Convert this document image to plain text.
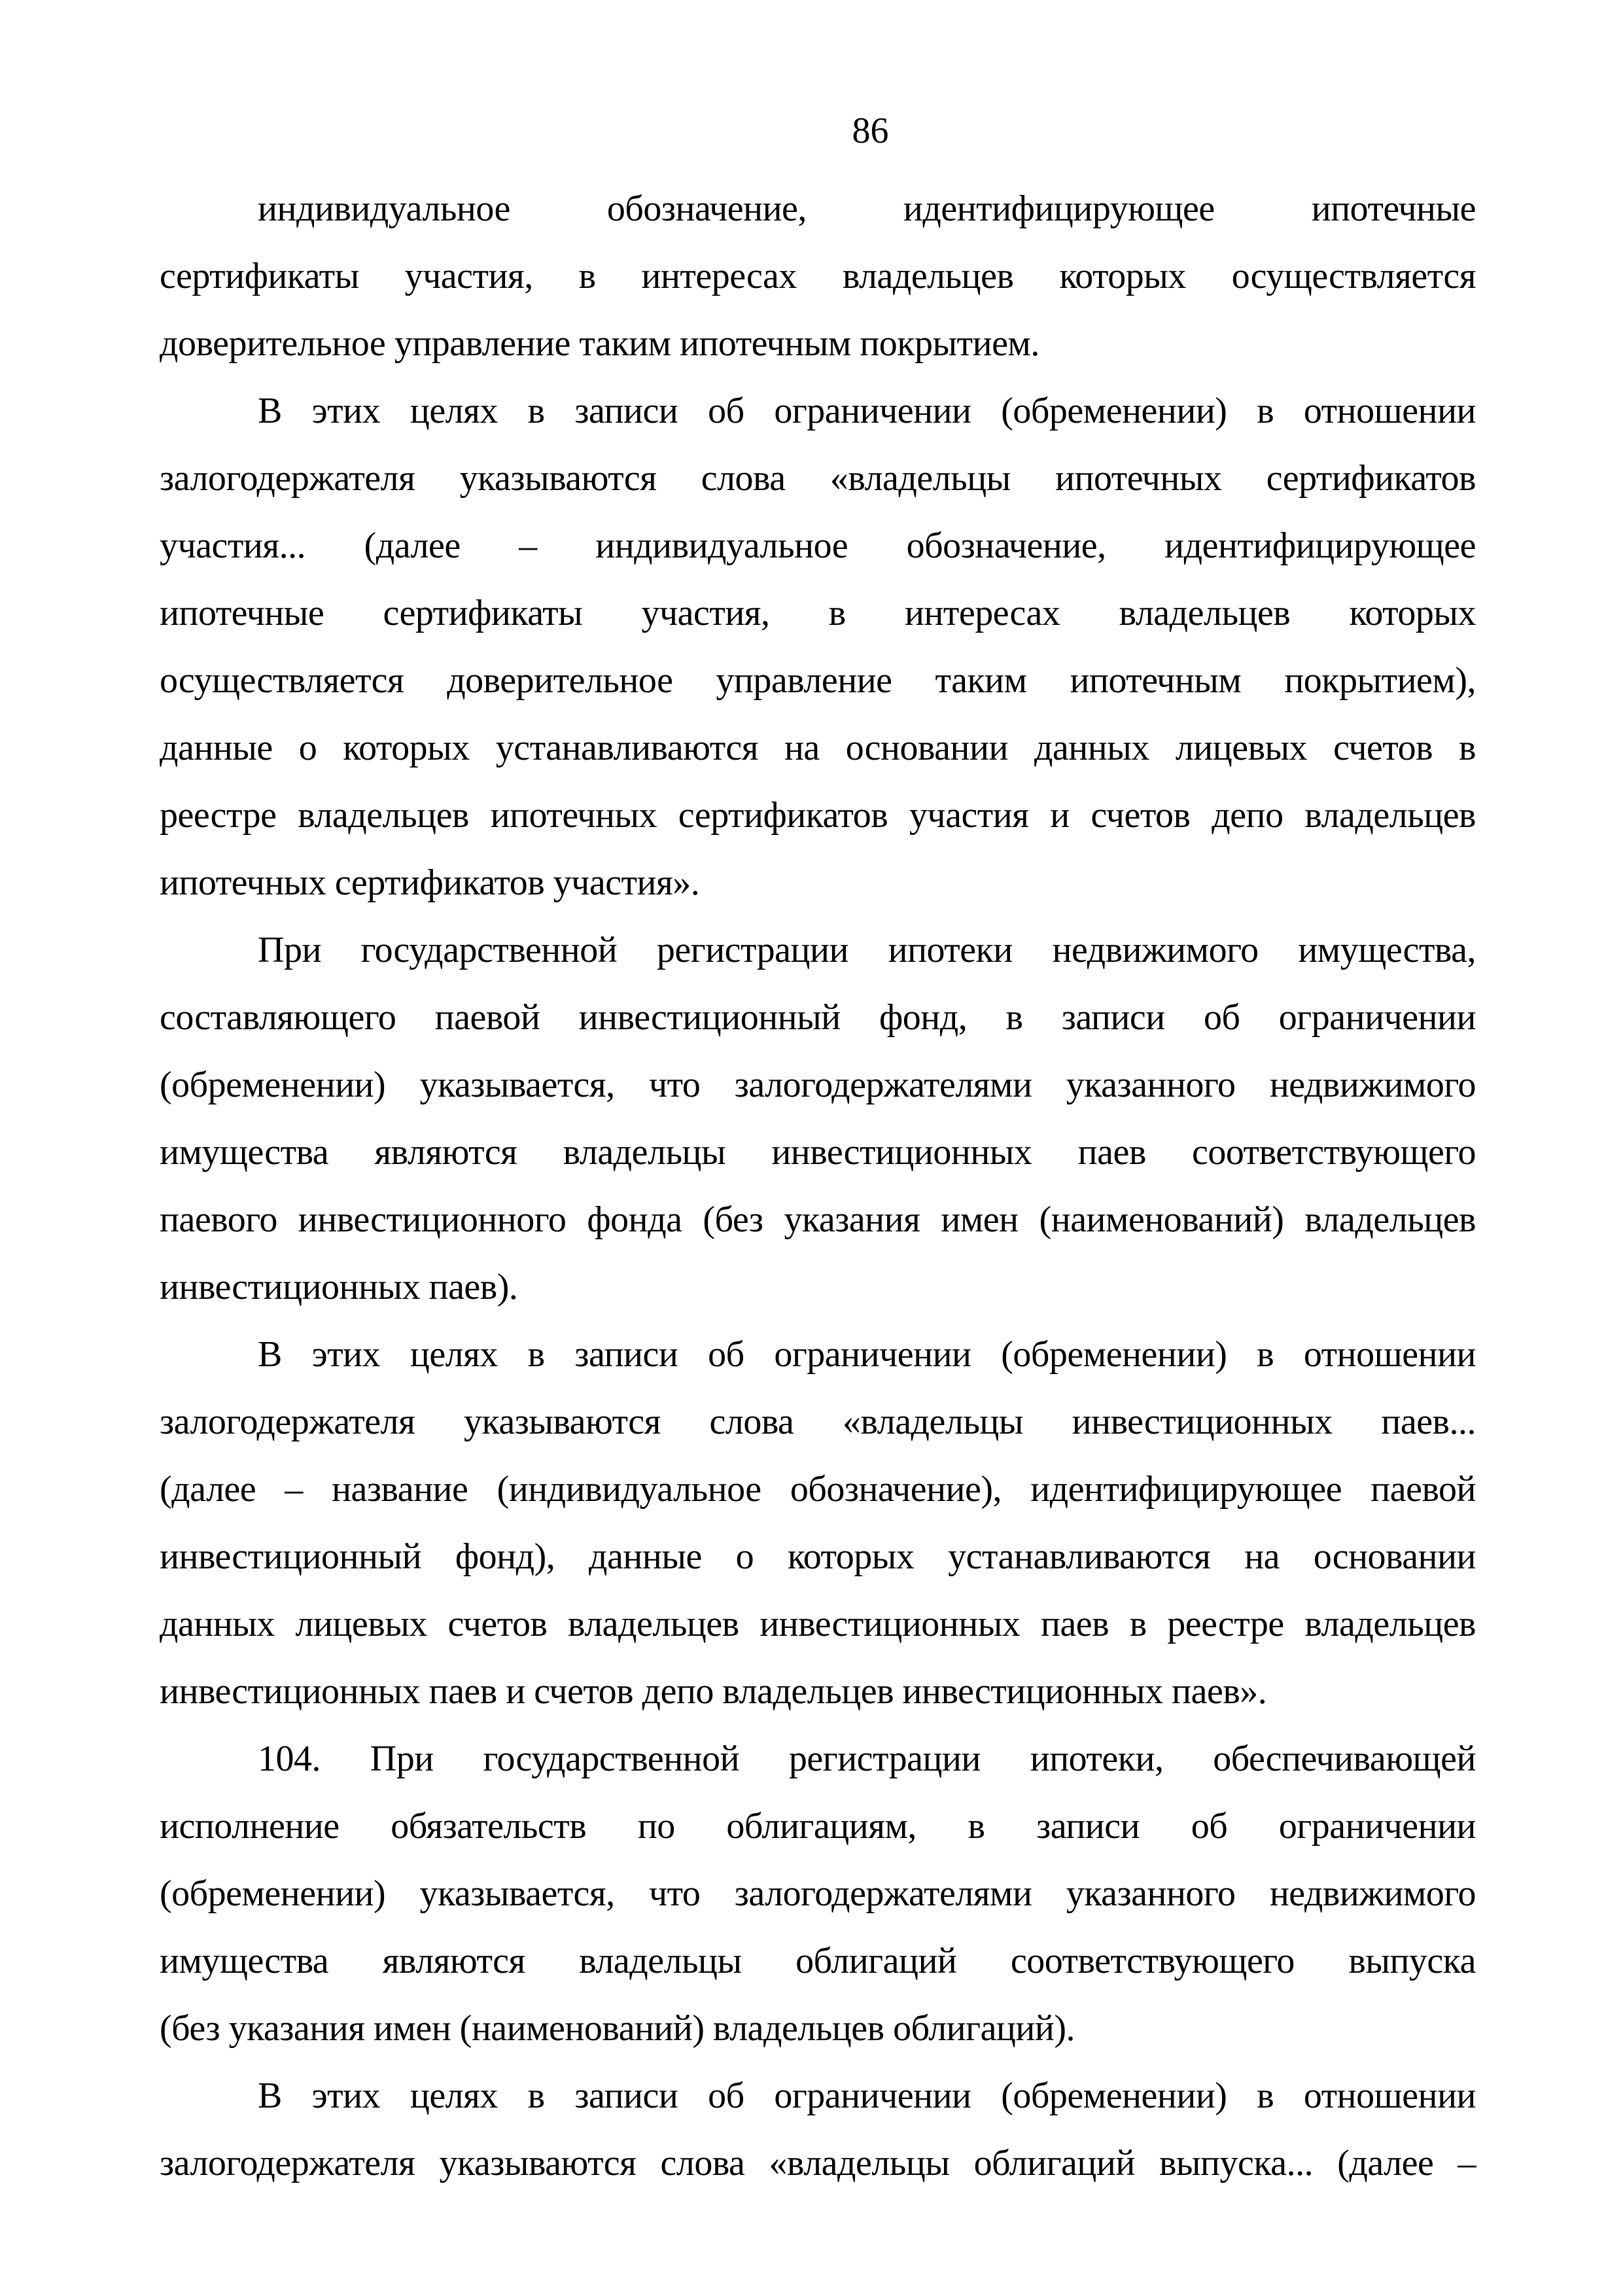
86
индивидуальное обозначение, идентифицирующее ипотечные
сертификаты участия, в интересах владельцев которых осуществляется
доверительное управление таким ипотечным покрытием.
В этих целях в записи об ограничении (обременении) в отношении
залогодержателя указываются слова «владельцы ипотечных сертификатов
участия... (далее – индивидуальное обозначение, идентифицирующее
ипотечные сертификаты участия, в интересах владельцев которых
осуществляется доверительное управление таким ипотечным покрытием),
данные о которых устанавливаются на основании данных лицевых счетов в
реестре владельцев ипотечных сертификатов участия и счетов депо владельцев
ипотечных сертификатов участия».
При государственной регистрации ипотеки недвижимого имущества,
составляющего паевой инвестиционный фонд, в записи об ограничении
(обременении) указывается, что залогодержателями указанного недвижимого
имущества являются владельцы инвестиционных паев соответствующего
паевого инвестиционного фонда (без указания имен (наименований) владельцев
инвестиционных паев).
В этих целях в записи об ограничении (обременении) в отношении
залогодержателя указываются слова «владельцы инвестиционных паев...
(далее – название (индивидуальное обозначение), идентифицирующее паевой
инвестиционный фонд), данные о которых устанавливаются на основании
данных лицевых счетов владельцев инвестиционных паев в реестре владельцев
инвестиционных паев и счетов депо владельцев инвестиционных паев».
104. При государственной регистрации ипотеки, обеспечивающей
исполнение обязательств по облигациям, в записи об ограничении
(обременении) указывается, что залогодержателями указанного недвижимого
имущества являются владельцы облигаций соответствующего выпуска
(без указания имен (наименований) владельцев облигаций).
В этих целях в записи об ограничении (обременении) в отношении
залогодержателя указываются слова «владельцы облигаций выпуска... (далее –
